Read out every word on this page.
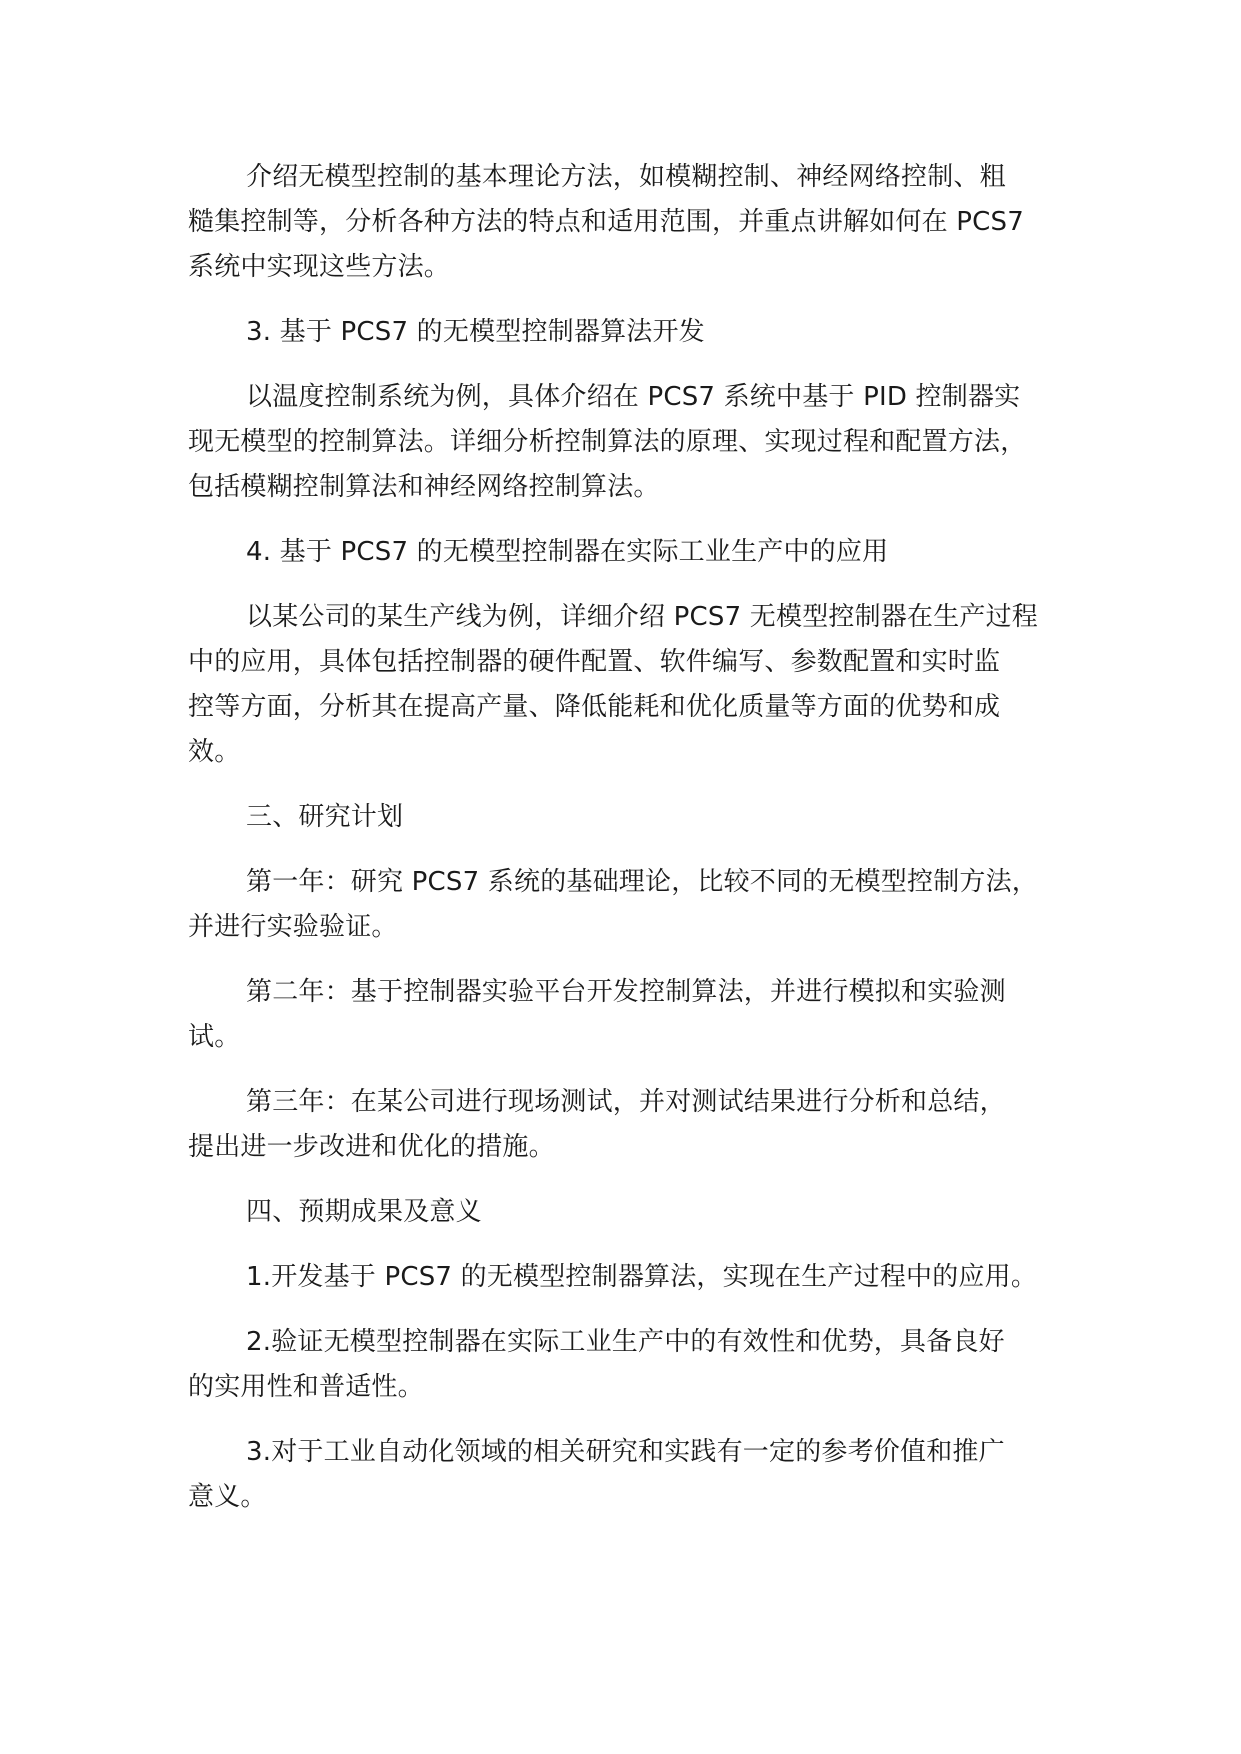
介绍无模型控制的基本理论方法，如模糊控制、神经网络控制、粗
糙集控制等，分析各种方法的特点和适用范围，并重点讲解如何在 PCS7
系统中实现这些方法。
3. 基于 PCS7 的无模型控制器算法开发
以温度控制系统为例，具体介绍在 PCS7 系统中基于 PID 控制器实
现无模型的控制算法。详细分析控制算法的原理、实现过程和配置方法，
包括模糊控制算法和神经网络控制算法。
4. 基于 PCS7 的无模型控制器在实际工业生产中的应用
以某公司的某生产线为例，详细介绍 PCS7 无模型控制器在生产过程
中的应用，具体包括控制器的硬件配置、软件编写、参数配置和实时监
控等方面，分析其在提高产量、降低能耗和优化质量等方面的优势和成
效。
三、研究计划
第一年：研究 PCS7 系统的基础理论，比较不同的无模型控制方法，
并进行实验验证。
第二年：基于控制器实验平台开发控制算法，并进行模拟和实验测
试。
第三年：在某公司进行现场测试，并对测试结果进行分析和总结，
提出进一步改进和优化的措施。
四、预期成果及意义
1.开发基于 PCS7 的无模型控制器算法，实现在生产过程中的应用。
2.验证无模型控制器在实际工业生产中的有效性和优势，具备良好
的实用性和普适性。
3.对于工业自动化领域的相关研究和实践有一定的参考价值和推广
意义。
